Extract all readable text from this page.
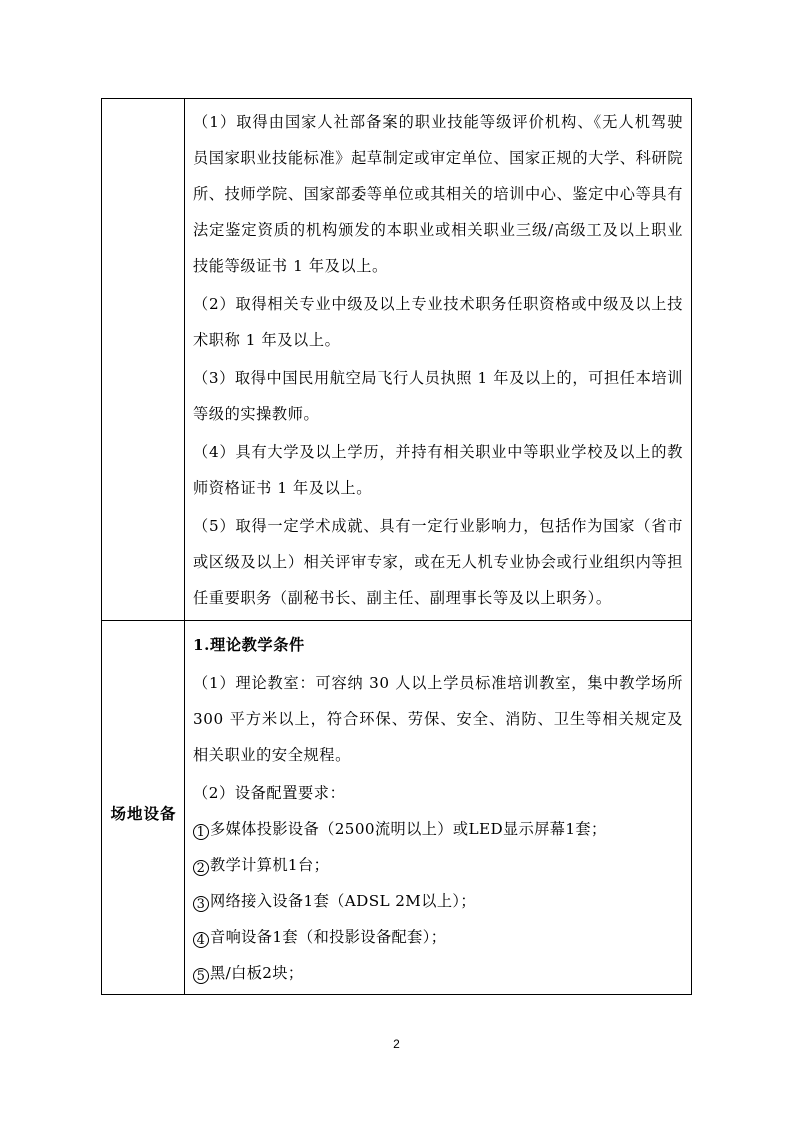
（1）取得由国家人社部备案的职业技能等级评价机构、《无人机驾驶员国家职业技能标准》起草制定或审定单位、国家正规的大学、科研院所、技师学院、国家部委等单位或其相关的培训中心、鉴定中心等具有法定鉴定资质的机构颁发的本职业或相关职业三级/高级工及以上职业技能等级证书 1 年及以上。

（2）取得相关专业中级及以上专业技术职务任职资格或中级及以上技术职称 1 年及以上。

（3）取得中国民用航空局飞行人员执照 1 年及以上的，可担任本培训等级的实操教师。

（4）具有大学及以上学历，并持有相关职业中等职业学校及以上的教师资格证书 1 年及以上。

（5）取得一定学术成就、具有一定行业影响力，包括作为国家（省市或区级及以上）相关评审专家，或在无人机专业协会或行业组织内等担任重要职务（副秘书长、副主任、副理事长等及以上职务）。

场地设备

1.理论教学条件

（1）理论教室：可容纳 30 人以上学员标准培训教室，集中教学场所 300 平方米以上，符合环保、劳保、安全、消防、卫生等相关规定及相关职业的安全规程。

（2）设备配置要求：

1 多媒体投影设备（2500流明以上）或LED显示屏幕1套；

2 教学计算机1台；

3 网络接入设备1套（ADSL 2M以上）；

4 音响设备1套（和投影设备配套）；

5 黑/白板2块；

2
